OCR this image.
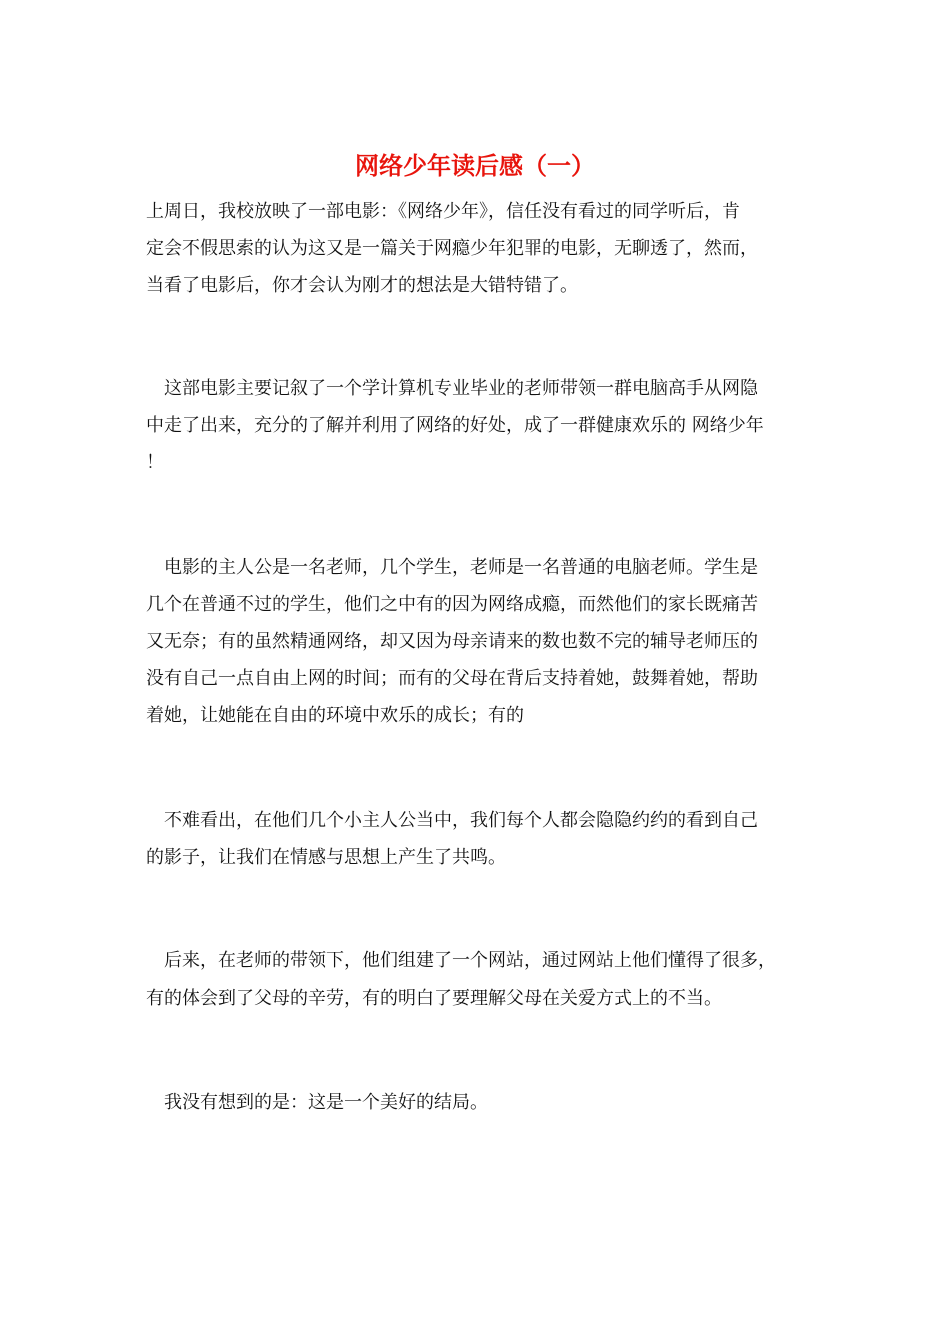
网络少年读后感（一）
上周日，我校放映了一部电影：《网络少年》，信任没有看过的同学听后，肯
定会不假思索的认为这又是一篇关于网瘾少年犯罪的电影，无聊透了，然而，
当看了电影后，你才会认为刚才的想法是大错特错了。
这部电影主要记叙了一个学计算机专业毕业的老师带领一群电脑高手从网隐
中走了出来，充分的了解并利用了网络的好处，成了一群健康欢乐的 网络少年
！
电影的主人公是一名老师，几个学生，老师是一名普通的电脑老师。学生是
几个在普通不过的学生，他们之中有的因为网络成瘾，而然他们的家长既痛苦
又无奈；有的虽然精通网络，却又因为母亲请来的数也数不完的辅导老师压的
没有自己一点自由上网的时间；而有的父母在背后支持着她，鼓舞着她，帮助
着她，让她能在自由的环境中欢乐的成长；有的
不难看出，在他们几个小主人公当中，我们每个人都会隐隐约约的看到自己
的影子，让我们在情感与思想上产生了共鸣。
后来，在老师的带领下，他们组建了一个网站，通过网站上他们懂得了很多，
有的体会到了父母的辛劳，有的明白了要理解父母在关爱方式上的不当。
我没有想到的是：这是一个美好的结局。
